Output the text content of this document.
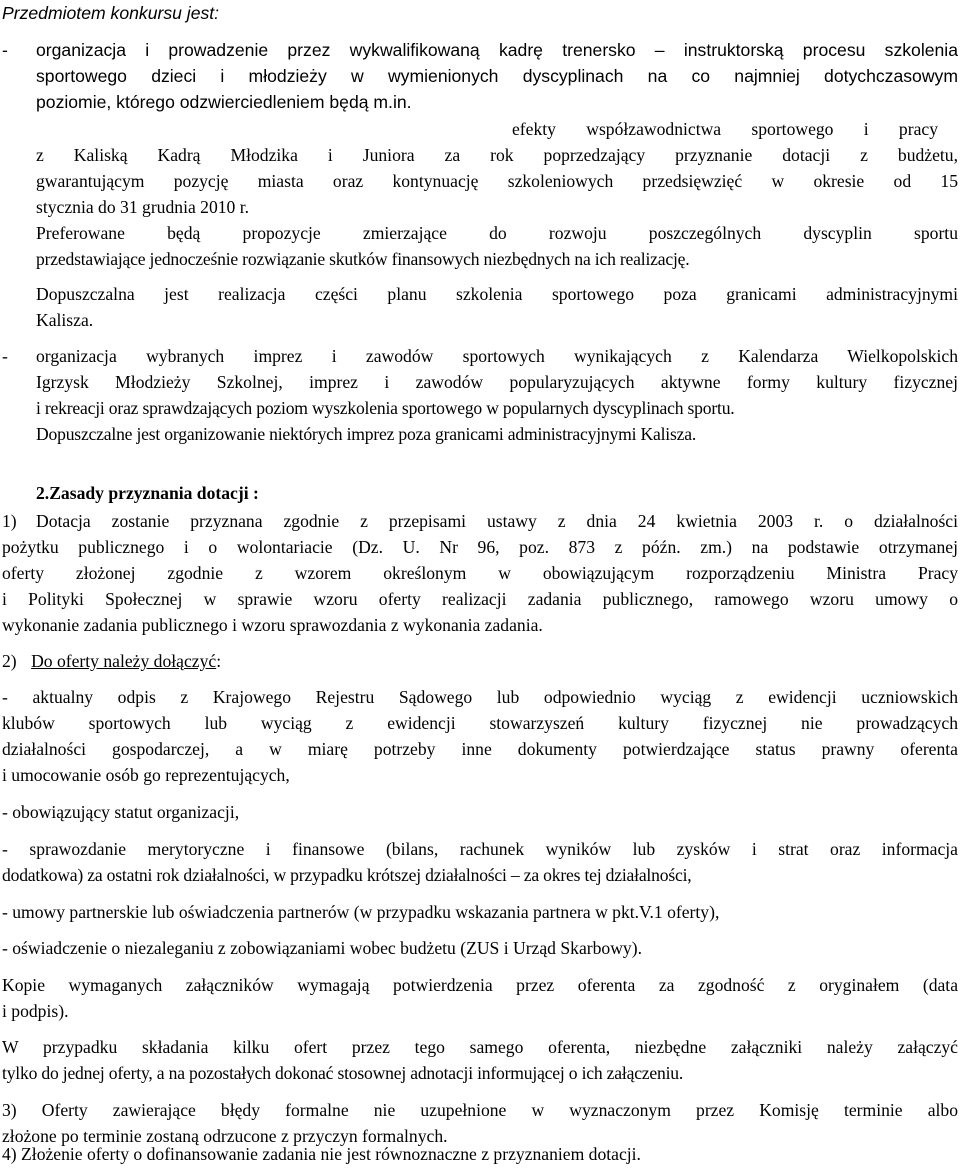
Przedmiotem konkursu jest:
-	organizacja i prowadzenie przez wykwalifikowaną kadrę trenersko – instruktorską procesu szkolenia
sportowego dzieci i młodzieży w wymienionych dyscyplinach na co najmniej dotychczasowym
poziomie, którego odzwierciedleniem będą m.in.
efekty współzawodnictwa sportowego i pracy
z Kaliską Kadrą Młodzika i Juniora za rok poprzedzający przyznanie dotacji z budżetu,
gwarantującym pozycję miasta oraz kontynuację szkoleniowych przedsięwzięć w okresie od 15
stycznia do 31 grudnia 2010 r.
Preferowane będą propozycje zmierzające do rozwoju poszczególnych dyscyplin sportu
przedstawiające jednocześnie rozwiązanie skutków finansowych niezbędnych na ich realizację.
Dopuszczalna jest realizacja części planu szkolenia sportowego poza granicami administracyjnymi
Kalisza.
-	organizacja wybranych imprez i zawodów sportowych wynikających z Kalendarza Wielkopolskich
Igrzysk Młodzieży Szkolnej, imprez i zawodów popularyzujących aktywne formy kultury fizycznej
i rekreacji oraz sprawdzających poziom wyszkolenia sportowego w popularnych dyscyplinach sportu.
Dopuszczalne jest organizowanie niektórych imprez poza granicami administracyjnymi Kalisza.
2.Zasady przyznania dotacji :
1)	Dotacja zostanie przyznana zgodnie z przepisami ustawy z dnia 24 kwietnia 2003 r. o działalności
pożytku publicznego i o wolontariacie (Dz. U. Nr 96, poz. 873 z późn. zm.) na podstawie otrzymanej
oferty złożonej zgodnie z wzorem określonym w obowiązującym rozporządzeniu Ministra Pracy
i Polityki Społecznej w sprawie wzoru oferty realizacji zadania publicznego, ramowego wzoru umowy o
wykonanie zadania publicznego i wzoru sprawozdania z wykonania zadania.
2) Do oferty należy dołączyć:
- aktualny odpis z Krajowego Rejestru Sądowego lub odpowiednio wyciąg z ewidencji uczniowskich
klubów sportowych lub wyciąg z ewidencji stowarzyszeń kultury fizycznej nie prowadzących
działalności gospodarczej, a w miarę potrzeby inne dokumenty potwierdzające status prawny oferenta
i umocowanie osób go reprezentujących,
- obowiązujący statut organizacji,
- sprawozdanie merytoryczne i finansowe (bilans, rachunek wyników lub zysków i strat oraz informacja
dodatkowa) za ostatni rok działalności, w przypadku krótszej działalności – za okres tej działalności,
- umowy partnerskie lub oświadczenia partnerów (w przypadku wskazania partnera w pkt.V.1 oferty),
- oświadczenie o niezaleganiu z zobowiązaniami wobec budżetu (ZUS i Urząd Skarbowy).
Kopie wymaganych załączników wymagają potwierdzenia przez oferenta za zgodność z oryginałem (data
i podpis).
W przypadku składania kilku ofert przez tego samego oferenta, niezbędne załączniki należy załączyć
tylko do jednej oferty, a na pozostałych dokonać stosownej adnotacji informującej o ich załączeniu.
3) Oferty zawierające błędy formalne nie uzupełnione w wyznaczonym przez Komisję terminie albo
złożone po terminie zostaną odrzucone z przyczyn formalnych.
4) Złożenie oferty o dofinansowanie zadania nie jest równoznaczne z przyznaniem dotacji.
